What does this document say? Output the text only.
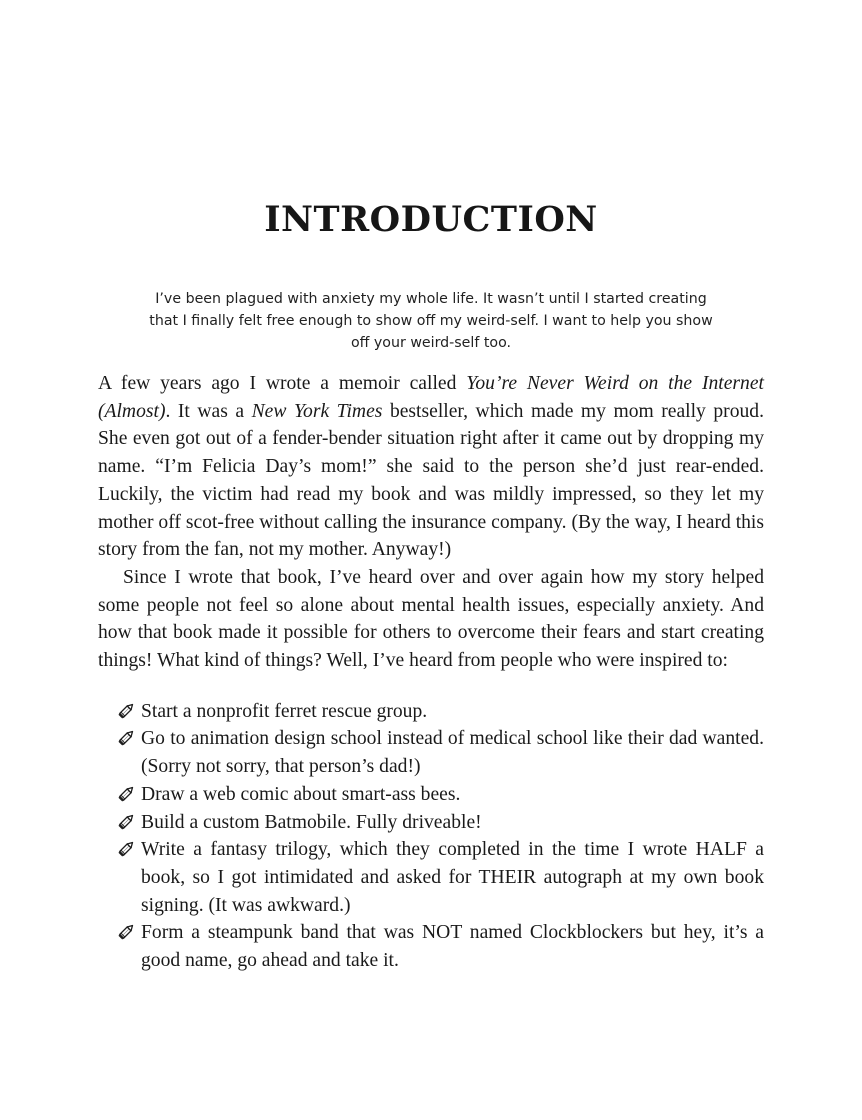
INTRODUCTION

I’ve been plagued with anxiety my whole life. It wasn’t until I started creating that I finally felt free enough to show off my weird-self. I want to help you show off your weird-self too.

A few years ago I wrote a memoir called You’re Never Weird on the Internet (Almost). It was a New York Times bestseller, which made my mom really proud. She even got out of a fender-bender situation right after it came out by dropping my name. “I’m Felicia Day’s mom!” she said to the person she’d just rear-ended. Luckily, the victim had read my book and was mildly impressed, so they let my mother off scot-free without calling the insurance company. (By the way, I heard this story from the fan, not my mother. Anyway!)

Since I wrote that book, I’ve heard over and over again how my story helped some people not feel so alone about mental health issues, especially anxiety. And how that book made it possible for others to overcome their fears and start creating things! What kind of things? Well, I’ve heard from people who were inspired to:

Start a nonprofit ferret rescue group.
Go to animation design school instead of medical school like their dad wanted. (Sorry not sorry, that person’s dad!)
Draw a web comic about smart-ass bees.
Build a custom Batmobile. Fully driveable!
Write a fantasy trilogy, which they completed in the time I wrote HALF a book, so I got intimidated and asked for THEIR autograph at my own book signing. (It was awkward.)
Form a steampunk band that was NOT named Clockblockers but hey, it’s a good name, go ahead and take it.
